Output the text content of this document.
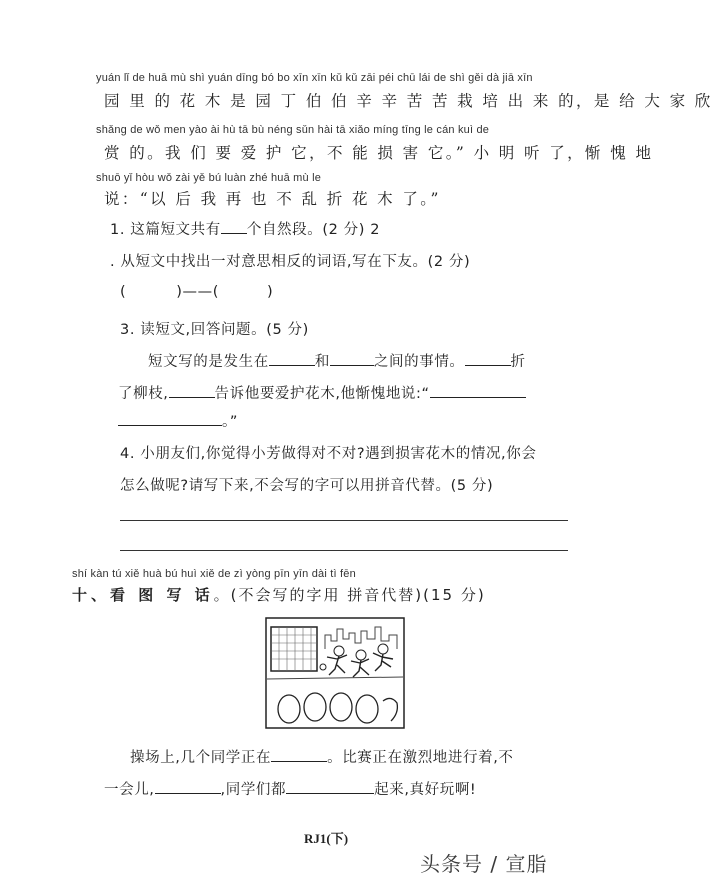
yuán lǐ de huā mù shì yuán dīng bó bo xīn xīn kǔ kǔ zāi péi chū lái de shì gěi dà jiā xīn
园 里 的 花 木 是 园 丁 伯 伯 辛 辛 苦 苦 栽 培 出 来 的，是 给 大 家 欣
shǎng de wǒ men yào ài hù tā bù néng sǔn hài tā xiǎo míng tīng le cán kuì de
赏 的。我 们 要 爱 护 它，不 能 损 害 它。” 小 明 听 了，惭 愧 地
shuō yǐ hòu wǒ zài yě bú luàn zhé huā mù le
说：“以 后 我 再 也 不 乱 折 花 木 了。”
1. 这篇短文共有 个自然段。(2 分) 2
. 从短文中找出一对意思相反的词语,写在下友。(2 分)
(	)——(	)
3. 读短文,回答问题。(5 分)
短文写的是发生在	和	之间的事情。	折
了柳枝,	告诉他要爱护花木,他惭愧地说:“
。”
4. 小朋友们,你觉得小芳做得对不对?遇到损害花木的情况,你会
怎么做呢?请写下来,不会写的字可以用拼音代替。(5 分)
shí kàn tú xiě huà bú huì xiě de zì yòng pīn yīn dài tì fēn
十、看 图 写 话。(不会写的字用 拼音代替)(15 分)
操场上,几个同学正在	。比赛正在激烈地进行着,不
一会儿,	,同学们都	起来,真好玩啊!
RJ1(下)
头条号 / 宣脂
